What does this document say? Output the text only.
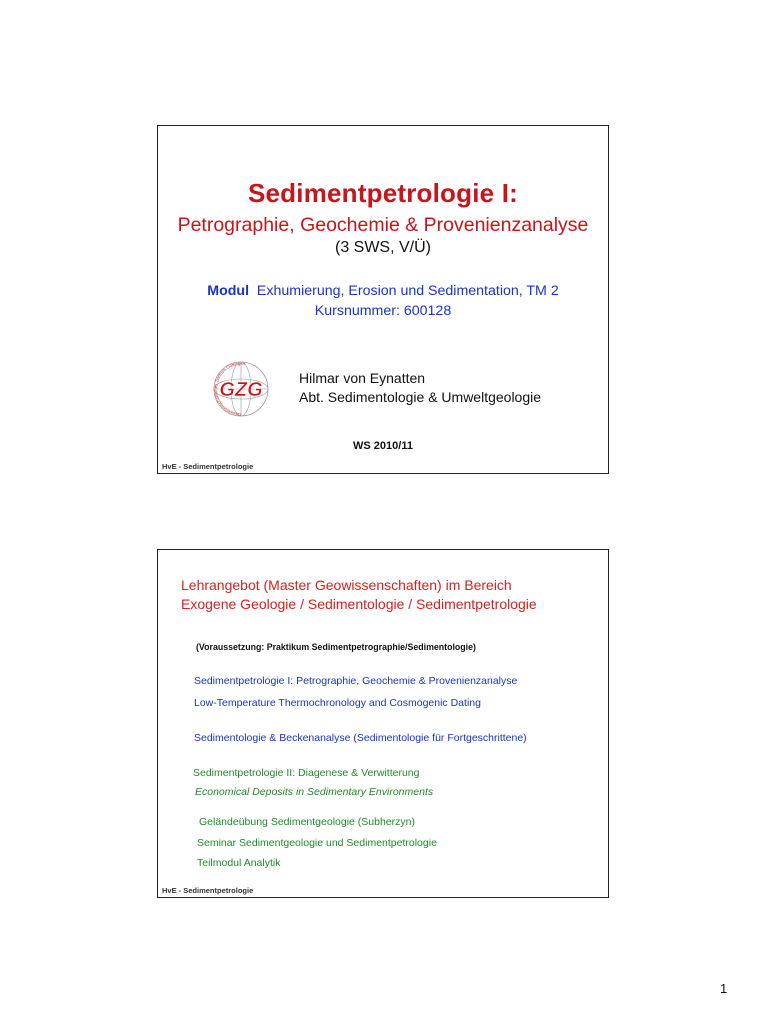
Sedimentpetrologie I:
Petrographie, Geochemie & Provenienzanalyse
(3 SWS, V/Ü)
Modul Exhumierung, Erosion und Sedimentation, TM 2
Kursnummer: 600128
Geowissenschaftliches Zentrum Göttingen
GZG
Hilmar von Eynatten
Abt. Sedimentologie & Umweltgeologie
WS 2010/11
HvE - Sedimentpetrologie
Lehrangebot (Master Geowissenschaften) im Bereich
Exogene Geologie / Sedimentologie / Sedimentpetrologie
(Voraussetzung: Praktikum Sedimentpetrographie/Sedimentologie)
Sedimentpetrologie I: Petrographie, Geochemie & Provenienzanalyse
Low-Temperature Thermochronology and Cosmogenic Dating
Sedimentologie & Beckenanalyse (Sedimentologie für Fortgeschrittene)
Sedimentpetrologie II: Diagenese & Verwitterung
Economical Deposits in Sedimentary Environments
Geländeübung Sedimentgeologie (Subherzyn)
Seminar Sedimentgeologie und Sedimentpetrologie
Teilmodul Analytik
HvE - Sedimentpetrologie
1
